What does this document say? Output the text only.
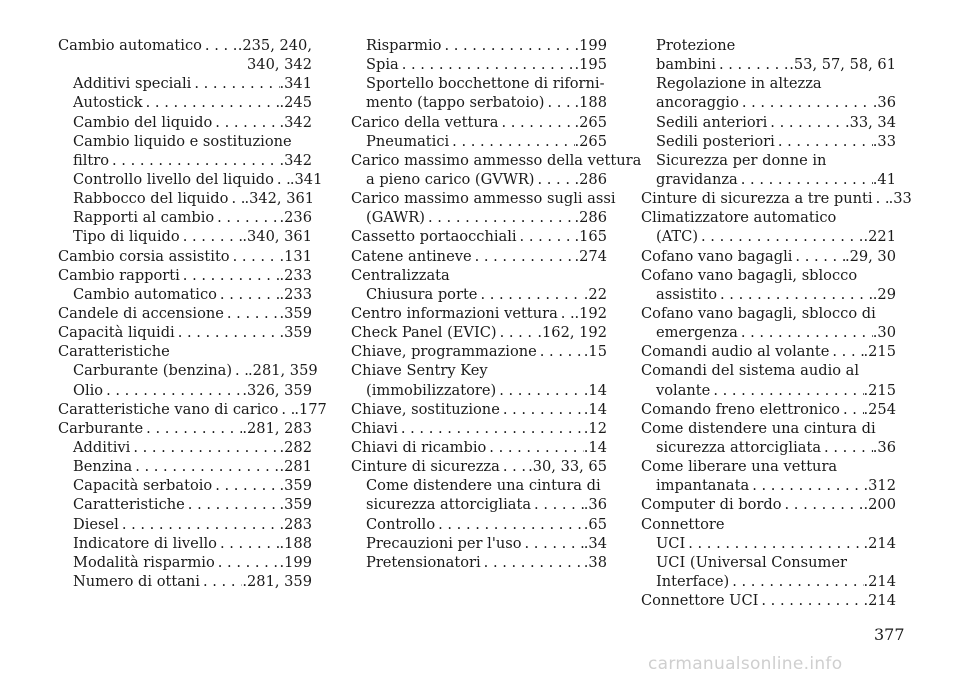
Cambio automatico . . . .235, 240,
340, 342
Additivi speciali . . .	.341
Autostick . . .	.245
Cambio del liquido . . .	.342
Cambio liquido e sostituzione
filtro . . .	.342
Controllo livello del liquido . . . .341
Rabbocco del liquido . . . .342, 361
Rapporti al cambio . . .	.236
Tipo di liquido . . .	.340, 361
Cambio corsia assistito . . .	.131
Cambio rapporti . . .	.233
Cambio automatico . . .	.233
Candele di accensione . . .	.359
Capacità liquidi . . .	.359
Caratteristiche
Carburante (benzina) . . . .281, 359
Olio . . .	.326, 359
Caratteristiche vano di carico . . . .177
Carburante . . .	.281, 283
Additivi . . .	.282
Benzina . . .	.281
Capacità serbatoio . . .	.359
Caratteristiche . . .	.359
Diesel . . .	.283
Indicatore di livello . . .	.188
Modalità risparmio . . .	.199
Numero di ottani . . .	.281, 359
Risparmio . . .	.199
Spia . . .	.195
Sportello bocchettone di riforni-
mento (tappo serbatoio) . . . .188
Carico della vettura . . .	.265
Pneumatici . . .	.265
Carico massimo ammesso della vettura
a pieno carico (GVWR) . . .	.286
Carico massimo ammesso sugli assi
(GAWR) . . .	.286
Cassetto portaocchiali . . .	.165
Catene antineve . . .	.274
Centralizzata
Chiusura porte . . .	.22
Centro informazioni vettura . . . .192
Check Panel (EVIC) . . .	.162, 192
Chiave, programmazione . . .	.15
Chiave Sentry Key
(immobilizzatore) . . .	.14
Chiave, sostituzione . . .	.14
Chiavi . . .	.12
Chiavi di ricambio . . .	.14
Cinture di sicurezza . . . .30, 33, 65
Come distendere una cintura di
sicurezza attorcigliata . . .	.36
Controllo . . .	.65
Precauzioni per l'uso . . .	.34
Pretensionatori . . .	.38
Protezione
bambini . . .	.53, 57, 58, 61
Regolazione in altezza
ancoraggio . . .	.36
Sedili anteriori . . .	.33, 34
Sedili posteriori . . .	.33
Sicurezza per donne in
gravidanza . . .	.41
Cinture di sicurezza a tre punti . . . .33
Climatizzatore automatico
(ATC) . . .	.221
Cofano vano bagagli . . .	.29, 30
Cofano vano bagagli, sblocco
assistito . . .	.29
Cofano vano bagagli, sblocco di
emergenza . . .	.30
Comandi audio al volante . . . .215
Comandi del sistema audio al
volante . . .	.215
Comando freno elettronico . . . .254
Come distendere una cintura di
sicurezza attorcigliata . . .	.36
Come liberare una vettura
impantanata . . .	.312
Computer di bordo . . .	.200
Connettore
UCI . . .	.214
UCI (Universal Consumer
Interface) . . .	.214
Connettore UCI . . .	.214
377
carmanualsonline.info
